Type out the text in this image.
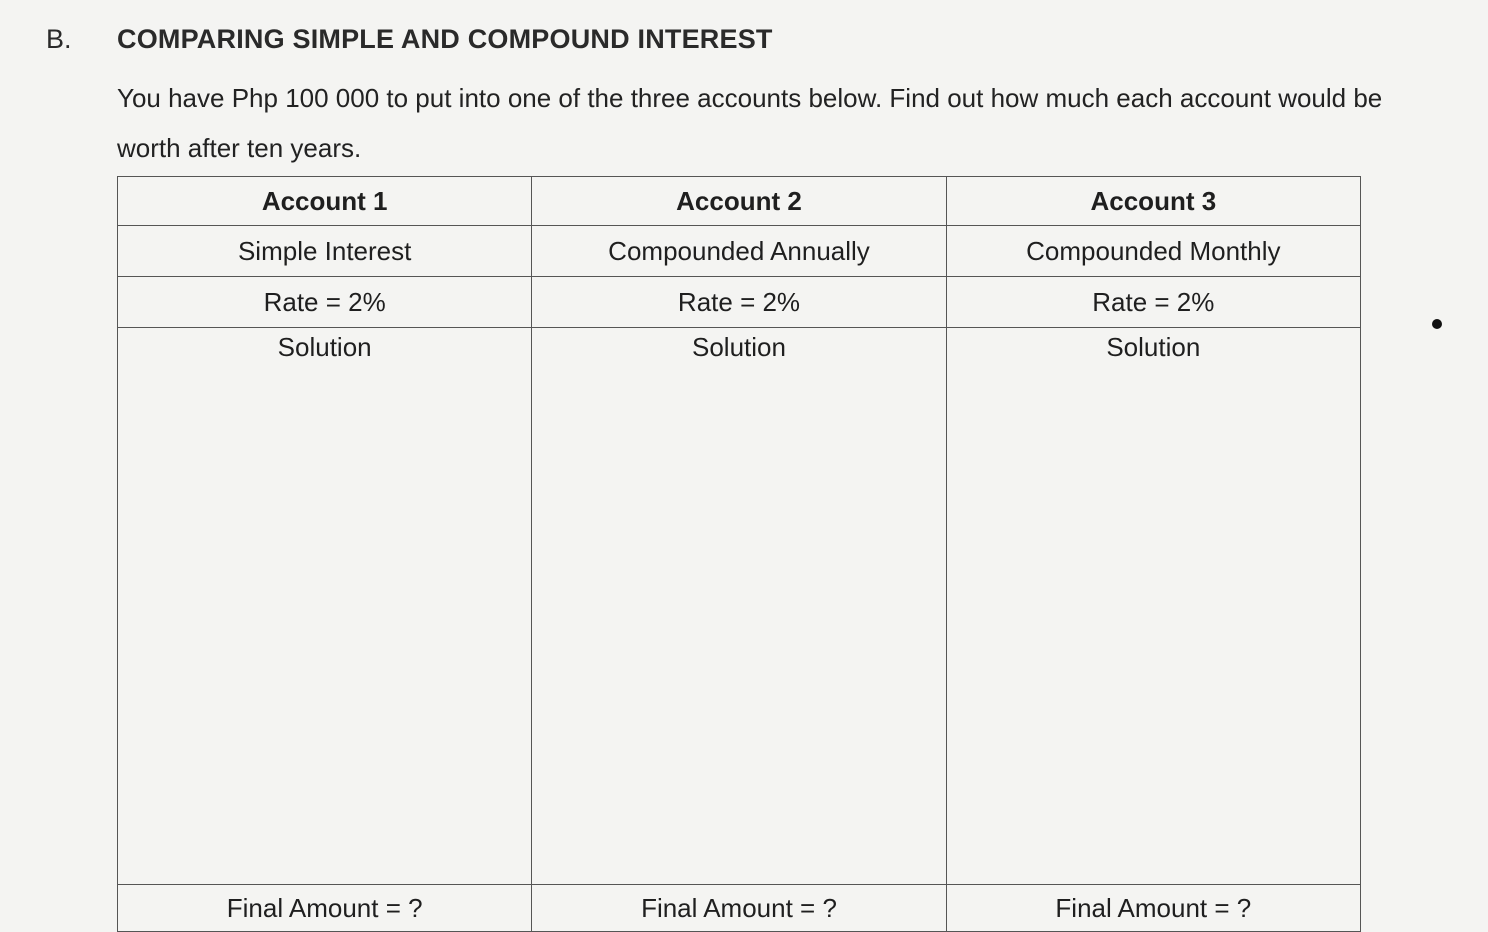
B. COMPARING SIMPLE AND COMPOUND INTEREST
You have Php 100 000 to put into one of the three accounts below. Find out how much each account would be worth after ten years.
Account 1	Account 2	Account 3
Simple Interest	Compounded Annually	Compounded Monthly
Rate = 2%	Rate = 2%	Rate = 2%
Solution	Solution	Solution
Final Amount = ?	Final Amount = ?	Final Amount = ?
